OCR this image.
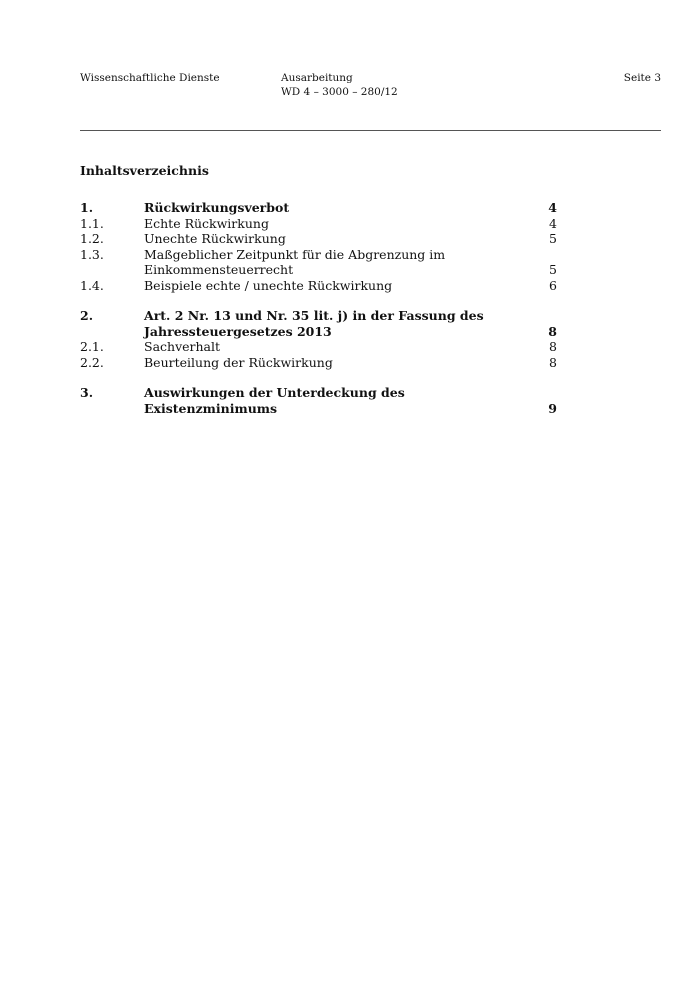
Wissenschaftliche Dienste	Ausarbeitung
WD 4 – 3000 – 280/12
Seite 3
Inhaltsverzeichnis
1.	Rückwirkungsverbot	4
1.1.	Echte Rückwirkung	4
1.2.	Unechte Rückwirkung	5
1.3.	Maßgeblicher Zeitpunkt für die Abgrenzung im
Einkommensteuerrecht	5
1.4.	Beispiele echte / unechte Rückwirkung	6
2.	Art. 2 Nr. 13 und Nr. 35 lit. j) in der Fassung des
Jahressteuergesetzes 2013	8
2.1.	Sachverhalt	8
2.2.	Beurteilung der Rückwirkung	8
3.	Auswirkungen der Unterdeckung des Existenzminimums	9
